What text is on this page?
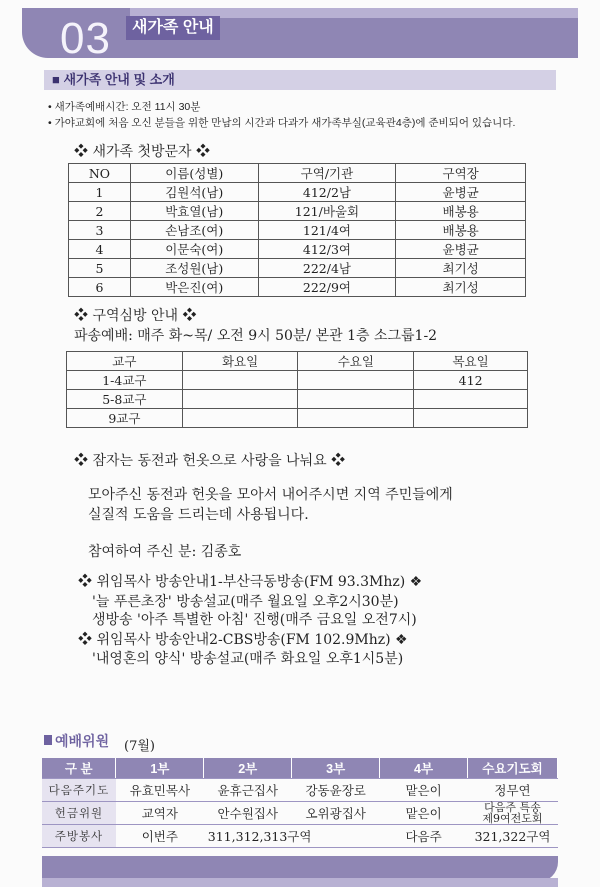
03	새가족 안내
■ 새가족 안내 및 소개
• 새가족예배시간: 오전 11시 30분
• 가야교회에 처음 오신 분들을 위한 만남의 시간과 다과가 새가족부실(교육관4층)에 준비되어 있습니다.
❖ 새가족 첫방문자 ❖
NO	이름(성별)	구역/기관	구역장
1	김원석(남)	412/2남	윤병균
2	박효열(남)	121/바울회	배봉용
3	손남조(여)	121/4여	배봉용
4	이문숙(여)	412/3여	윤병균
5	조성원(남)	222/4남	최기성
6	박은진(여)	222/9여	최기성
❖ 구역심방 안내 ❖
파송예배: 매주 화~목/ 오전 9시 50분/ 본관 1층 소그룹1-2
교구	화요일	수요일	목요일
1-4교구			412
5-8교구			
9교구			
❖ 잠자는 동전과 헌옷으로 사랑을 나눠요 ❖
모아주신 동전과 헌옷을 모아서 내어주시면 지역 주민들에게
실질적 도움을 드리는데 사용됩니다.
참여하여 주신 분: 김종호
❖ 위임목사 방송안내1-부산극동방송(FM 93.3Mhz) ❖
'늘 푸른초장' 방송설교(매주 월요일 오후2시30분)
생방송 '아주 특별한 아침' 진행(매주 금요일 오전7시)
❖ 위임목사 방송안내2-CBS방송(FM 102.9Mhz) ❖
'내영혼의 양식' 방송설교(매주 화요일 오후1시5분)
예배위원 (7월)
구 분	1부	2부	3부	4부	수요기도회
다음주기도	유효민목사	윤휴근집사	강동윤장로	맡은이	정무연
헌금위원	교역자	안수원집사	오위광집사	맡은이	다음주 특송
제9여전도회

주방봉사	이번주	311,312,313구역		다음주	321,322구역
